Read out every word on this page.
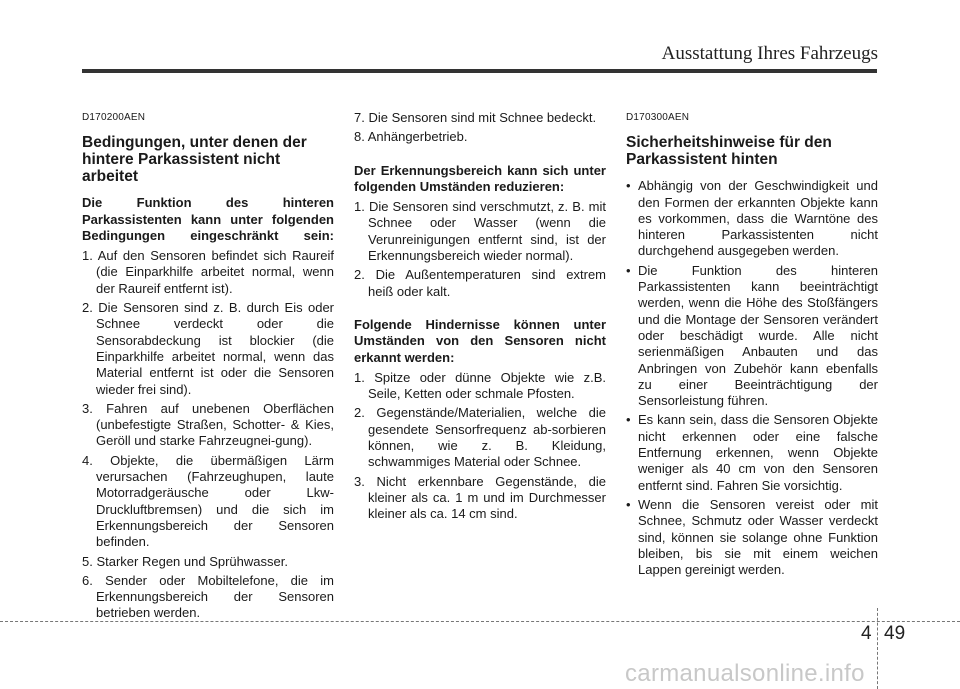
Ausstattung Ihres Fahrzeugs
D170200AEN
Bedingungen, unter denen der hintere Parkassistent nicht arbeitet
Die Funktion des hinteren Parkassistenten kann unter folgenden Bedingungen eingeschränkt sein:
1. Auf den Sensoren befindet sich Raureif (die Einparkhilfe arbeitet normal, wenn der Raureif entfernt ist).
2. Die Sensoren sind z. B. durch Eis oder Schnee verdeckt oder die Sensorabdeckung ist blockier (die Einparkhilfe arbeitet normal, wenn das Material entfernt ist oder die Sensoren wieder frei sind).
3. Fahren auf unebenen Oberflächen (unbefestigte Straßen, Schotter- & Kies, Geröll und starke Fahrzeugnei-gung).
4. Objekte, die übermäßigen Lärm verursachen (Fahrzeughupen, laute Motorradgeräusche oder Lkw-Druckluftbremsen) und die sich im Erkennungsbereich der Sensoren befinden.
5. Starker Regen und Sprühwasser.
6. Sender oder Mobiltelefone, die im Erkennungsbereich der Sensoren betrieben werden.
7. Die Sensoren sind mit Schnee bedeckt.
8. Anhängerbetrieb.
Der Erkennungsbereich kann sich unter folgenden Umständen reduzieren:
1. Die Sensoren sind verschmutzt, z. B. mit Schnee oder Wasser (wenn die Verunreinigungen entfernt sind, ist der Erkennungsbereich wieder normal).
2. Die Außentemperaturen sind extrem heiß oder kalt.
Folgende Hindernisse können unter Umständen von den Sensoren nicht erkannt werden:
1. Spitze oder dünne Objekte wie z.B. Seile, Ketten oder schmale Pfosten.
2. Gegenstände/Materialien, welche die gesendete Sensorfrequenz ab-sorbieren können, wie z. B. Kleidung, schwammiges Material oder Schnee.
3. Nicht erkennbare Gegenstände, die kleiner als ca. 1 m und im Durchmesser kleiner als ca. 14 cm sind.
D170300AEN
Sicherheitshinweise für den Parkassistent hinten
• Abhängig von der Geschwindigkeit und den Formen der erkannten Objekte kann es vorkommen, dass die Warntöne des hinteren Parkassistenten nicht durchgehend ausgegeben werden.
• Die Funktion des hinteren Parkassistenten kann beeinträchtigt werden, wenn die Höhe des Stoßfängers und die Montage der Sensoren verändert oder beschädigt wurde. Alle nicht serienmäßigen Anbauten und das Anbringen von Zubehör kann ebenfalls zu einer Beeinträchtigung der Sensorleistung führen.
• Es kann sein, dass die Sensoren Objekte nicht erkennen oder eine falsche Entfernung erkennen, wenn Objekte weniger als 40 cm von den Sensoren entfernt sind. Fahren Sie vorsichtig.
• Wenn die Sensoren vereist oder mit Schnee, Schmutz oder Wasser verdeckt sind, können sie solange ohne Funktion bleiben, bis sie mit einem weichen Lappen gereinigt werden.
4 49
carmanualsonline.info
